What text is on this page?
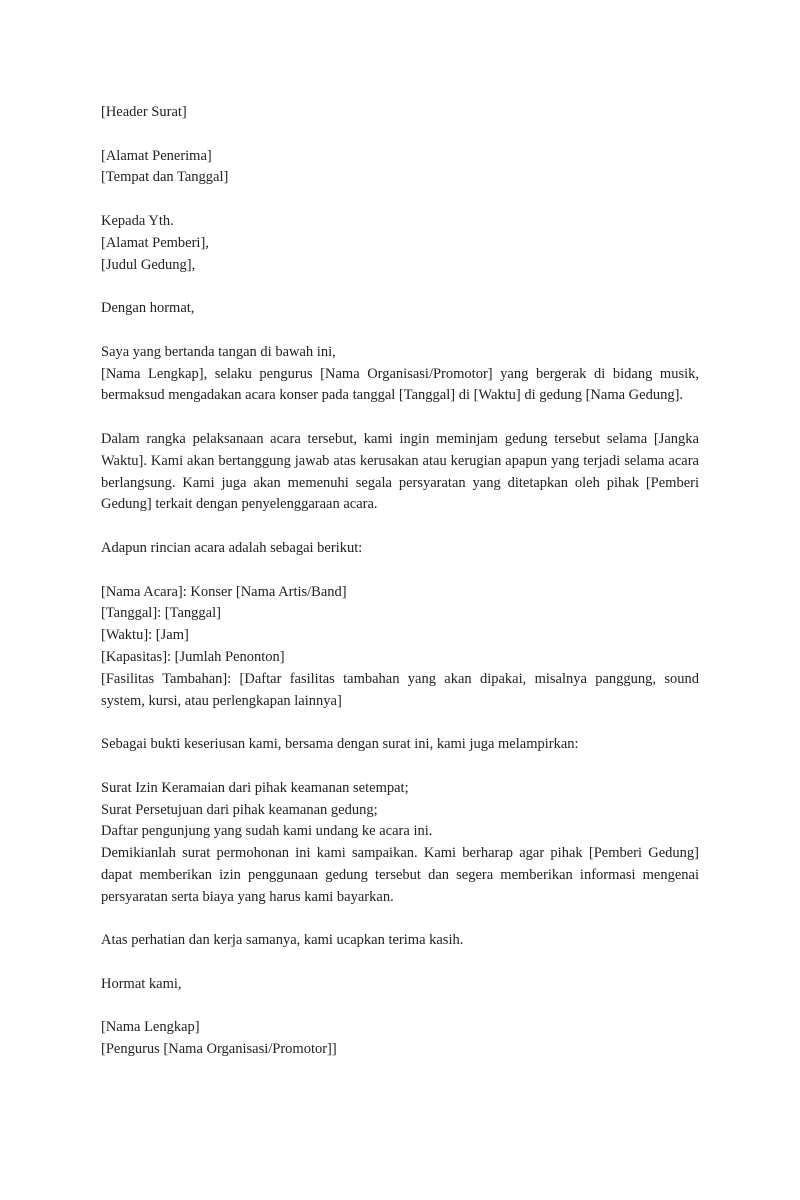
[Header Surat]
[Alamat Penerima]
[Tempat dan Tanggal]
Kepada Yth.
[Alamat Pemberi],
[Judul Gedung],
Dengan hormat,
Saya yang bertanda tangan di bawah ini,
[Nama Lengkap], selaku pengurus [Nama Organisasi/Promotor] yang bergerak di bidang musik, bermaksud mengadakan acara konser pada tanggal [Tanggal] di [Waktu] di gedung [Nama Gedung].
Dalam rangka pelaksanaan acara tersebut, kami ingin meminjam gedung tersebut selama [Jangka Waktu]. Kami akan bertanggung jawab atas kerusakan atau kerugian apapun yang terjadi selama acara berlangsung. Kami juga akan memenuhi segala persyaratan yang ditetapkan oleh pihak [Pemberi Gedung] terkait dengan penyelenggaraan acara.
Adapun rincian acara adalah sebagai berikut:
[Nama Acara]: Konser [Nama Artis/Band]
[Tanggal]: [Tanggal]
[Waktu]: [Jam]
[Kapasitas]: [Jumlah Penonton]
[Fasilitas Tambahan]: [Daftar fasilitas tambahan yang akan dipakai, misalnya panggung, sound system, kursi, atau perlengkapan lainnya]
Sebagai bukti keseriusan kami, bersama dengan surat ini, kami juga melampirkan:
Surat Izin Keramaian dari pihak keamanan setempat;
Surat Persetujuan dari pihak keamanan gedung;
Daftar pengunjung yang sudah kami undang ke acara ini.
Demikianlah surat permohonan ini kami sampaikan. Kami berharap agar pihak [Pemberi Gedung] dapat memberikan izin penggunaan gedung tersebut dan segera memberikan informasi mengenai persyaratan serta biaya yang harus kami bayarkan.
Atas perhatian dan kerja samanya, kami ucapkan terima kasih.
Hormat kami,
[Nama Lengkap]
[Pengurus [Nama Organisasi/Promotor]]
